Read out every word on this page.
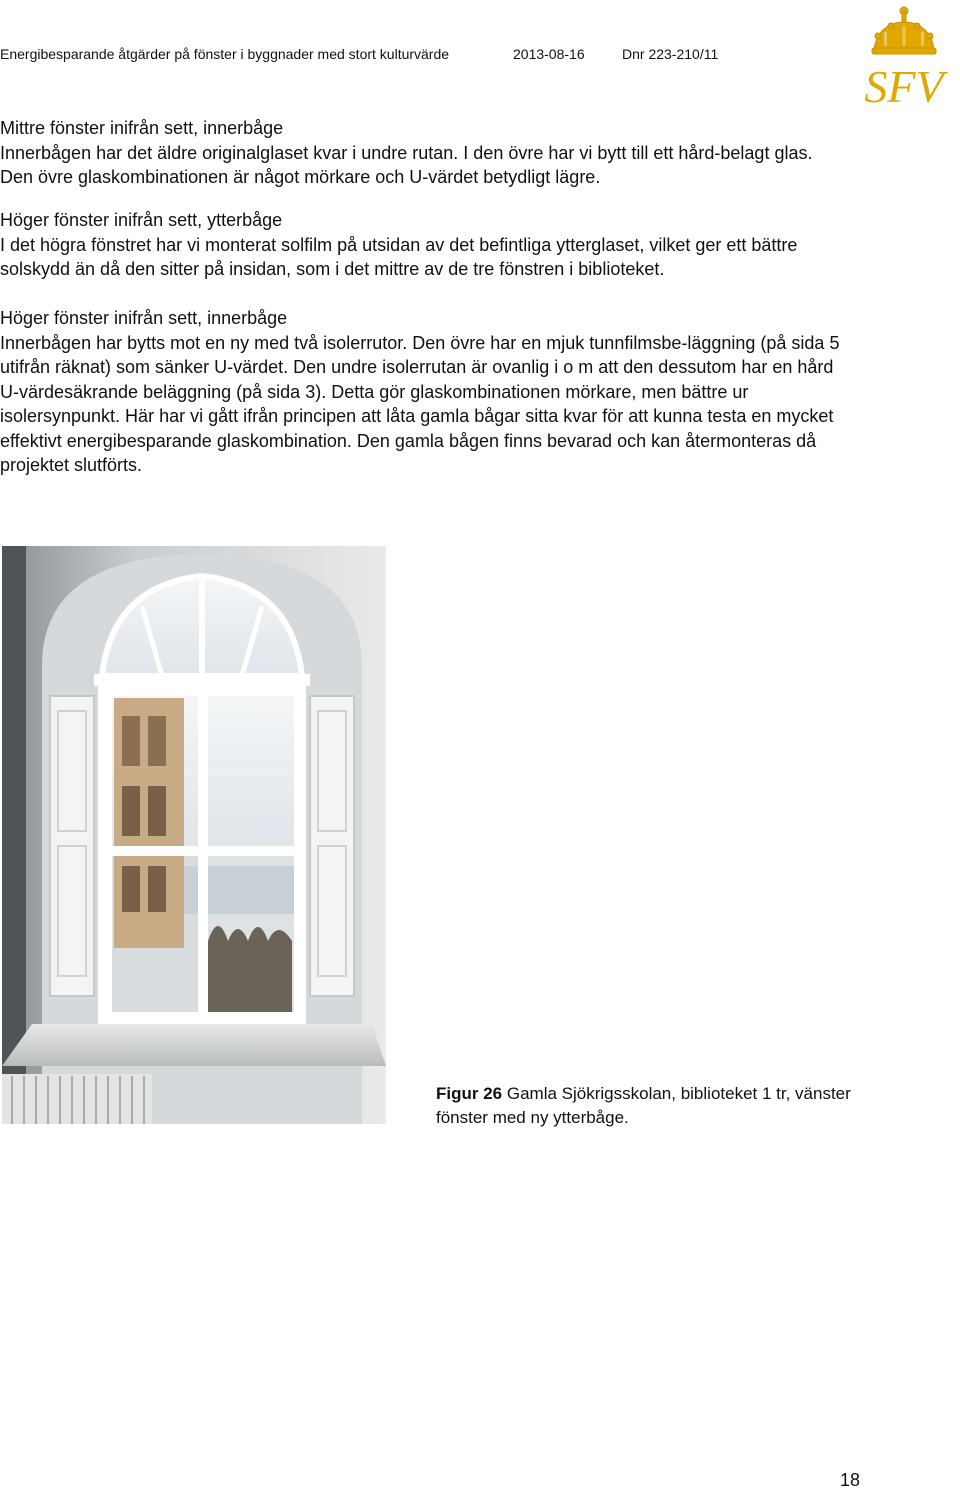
Energibesparande åtgärder på fönster i byggnader med stort kulturvärde	2013-08-16	Dnr 223-210/11
SFV
Mittre fönster inifrån sett, innerbåge
Innerbågen har det äldre originalglaset kvar i undre rutan. I den övre har vi bytt till ett hård-belagt glas. Den övre glaskombinationen är något mörkare och U-värdet betydligt lägre.
Höger fönster inifrån sett, ytterbåge
I det högra fönstret har vi monterat solfilm på utsidan av det befintliga ytterglaset, vilket ger ett bättre solskydd än då den sitter på insidan, som i det mittre av de tre fönstren i biblioteket.
Höger fönster inifrån sett, innerbåge
Innerbågen har bytts mot en ny med två isolerrutor. Den övre har en mjuk tunnfilmsbe-läggning (på sida 5 utifrån räknat) som sänker U-värdet. Den undre isolerrutan är ovanlig i o m att den dessutom har en hård U-värdesäkrande beläggning (på sida 3). Detta gör glaskombinationen mörkare, men bättre ur isolersynpunkt. Här har vi gått ifrån principen att låta gamla bågar sitta kvar för att kunna testa en mycket effektivt energibesparande glaskombination. Den gamla bågen finns bevarad och kan återmonteras då projektet slutförts.
Figur 26 Gamla Sjökrigsskolan, biblioteket 1 tr, vänster fönster med ny ytterbåge.
18
